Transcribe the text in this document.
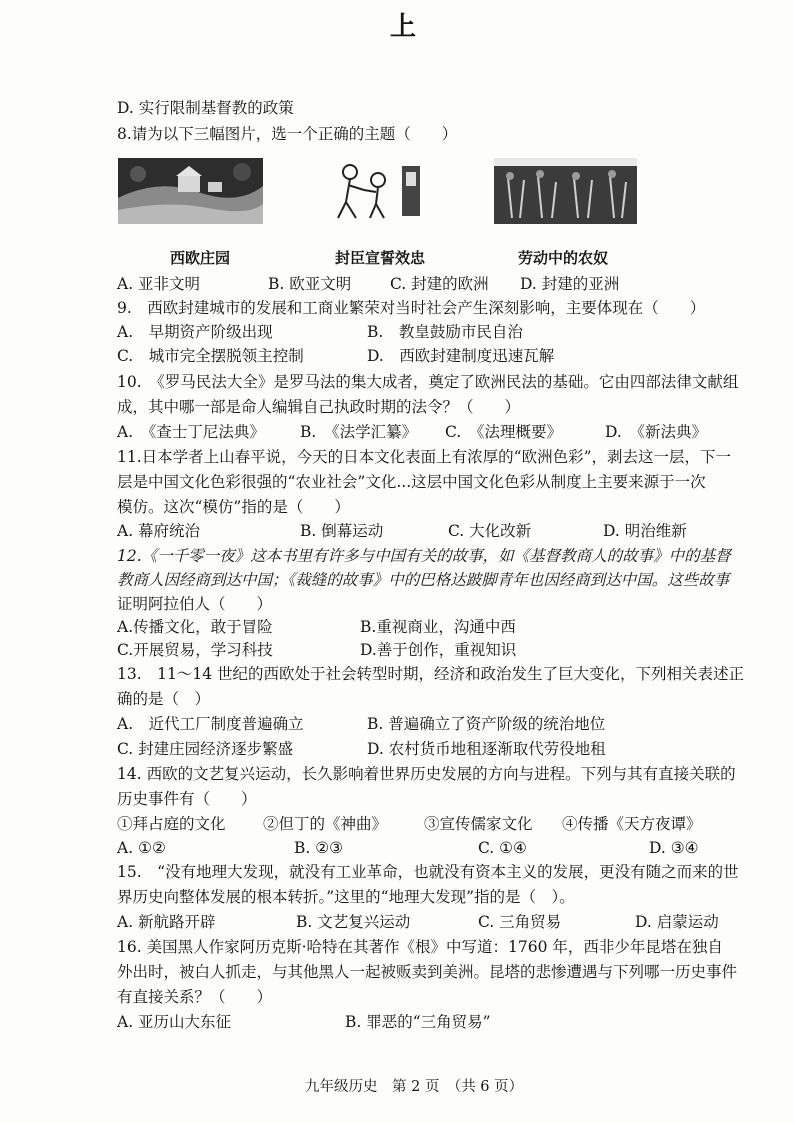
上
D. 实行限制基督教的政策
8.请为以下三幅图片，选一个正确的主题（　　）
A. 亚非文明	B. 欧亚文明	C. 封建的欧洲 D. 封建的亚洲
9.　西欧封建城市的发展和工商业繁荣对当时社会产生深刻影响，主要体现在（　　）
A.　早期资产阶级出现	B.　教皇鼓励市民自治
C.　城市完全摆脱领主控制	D.　西欧封建制度迅速瓦解
10.　《罗马民法大全》是罗马法的集大成者，奠定了欧洲民法的基础。它由四部法律文献组
成，其中哪一部是命人编辑自己执政时期的法令？（　　）
A.　《查士丁尼法典》 B.　《法学汇纂》 C.　《法理概要》	D.　《新法典》
11.日本学者上山春平说，今天的日本文化表面上有浓厚的“欧洲色彩”，剥去这一层，下一
层是中国文化色彩很强的“农业社会”文化...这层中国文化色彩从制度上主要来源于一次
模仿。这次“模仿”指的是（　　）
A. 幕府统治	B. 倒幕运动	C. 大化改新	D. 明治维新
12.《一千零一夜》这本书里有许多与中国有关的故事，如《基督教商人的故事》中的基督
教商人因经商到达中国；《裁缝的故事》中的巴格达跛脚青年也因经商到达中国。这些故事
证明阿拉伯人（　　）
A.传播文化，敢于冒险	B.重视商业，沟通中西
C.开展贸易，学习科技	D.善于创作，重视知识
13.　11～14 世纪的西欧处于社会转型时期，经济和政治发生了巨大变化，下列相关表述正
确的是（　）
A.　近代工厂制度普遍确立	B. 普遍确立了资产阶级的统治地位
C. 封建庄园经济逐步繁盛	D. 农村货币地租逐渐取代劳役地租
14. 西欧的文艺复兴运动，长久影响着世界历史发展的方向与进程。下列与其有直接关联的
历史事件有（　　）
①拜占庭的文化 ②但丁的《神曲》 ③宣传儒家文化 ④传播《天方夜谭》
A. ①②	B. ②③	C. ①④	D. ③④
15.　“没有地理大发现，就没有工业革命，也就没有资本主义的发展，更没有随之而来的世
界历史向整体发展的根本转折。”这里的“地理大发现”指的是（　）。
A. 新航路开辟	B. 文艺复兴运动	C. 三角贸易	D. 启蒙运动
16. 美国黑人作家阿历克斯·哈特在其著作《根》中写道：1760 年，西非少年昆塔在独自
外出时，被白人抓走，与其他黑人一起被贩卖到美洲。昆塔的悲惨遭遇与下列哪一历史事件
有直接关系？（　　）
A. 亚历山大东征	B. 罪恶的“三角贸易”
西欧庄园	封臣宣誓效忠	劳动中的农奴
九年级历史　第 2 页　（共 6 页）
